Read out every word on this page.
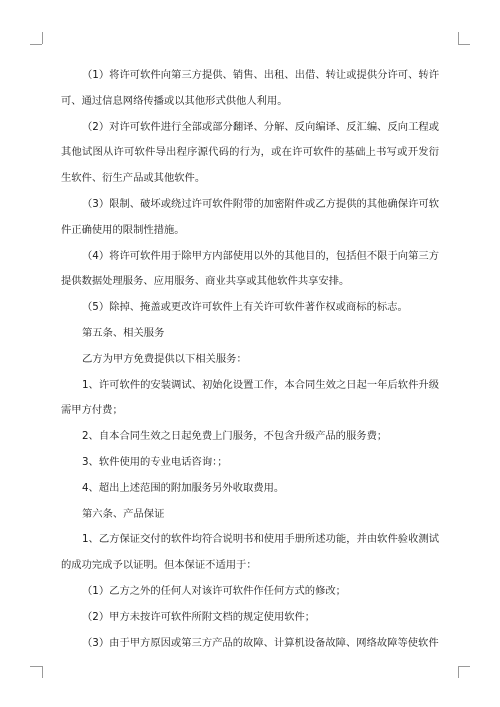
（1）将许可软件向第三方提供、销售、出租、出借、转让或提供分许可、转许可、通过信息网络传播或以其他形式供他人利用。

（2）对许可软件进行全部或部分翻译、分解、反向编译、反汇编、反向工程或其他试图从许可软件导出程序源代码的行为，或在许可软件的基础上书写或开发衍生软件、衍生产品或其他软件。

（3）限制、破坏或绕过许可软件附带的加密附件或乙方提供的其他确保许可软件正确使用的限制性措施。

（4）将许可软件用于除甲方内部使用以外的其他目的，包括但不限于向第三方提供数据处理服务、应用服务、商业共享或其他软件共享安排。

（5）除掉、掩盖或更改许可软件上有关许可软件著作权或商标的标志。

第五条、相关服务

乙方为甲方免费提供以下相关服务：

1、许可软件的安装调试、初始化设置工作，本合同生效之日起一年后软件升级需甲方付费；

2、自本合同生效之日起免费上门服务，不包含升级产品的服务费；

3、软件使用的专业电话咨询：；

4、超出上述范围的附加服务另外收取费用。

第六条、产品保证

1、乙方保证交付的软件均符合说明书和使用手册所述功能，并由软件验收测试的成功完成予以证明。但本保证不适用于：

（1）乙方之外的任何人对该许可软件作任何方式的修改；

（2）甲方未按许可软件所附文档的规定使用软件；

（3）由于甲方原因或第三方产品的故障、计算机设备故障、网络故障等使软件
